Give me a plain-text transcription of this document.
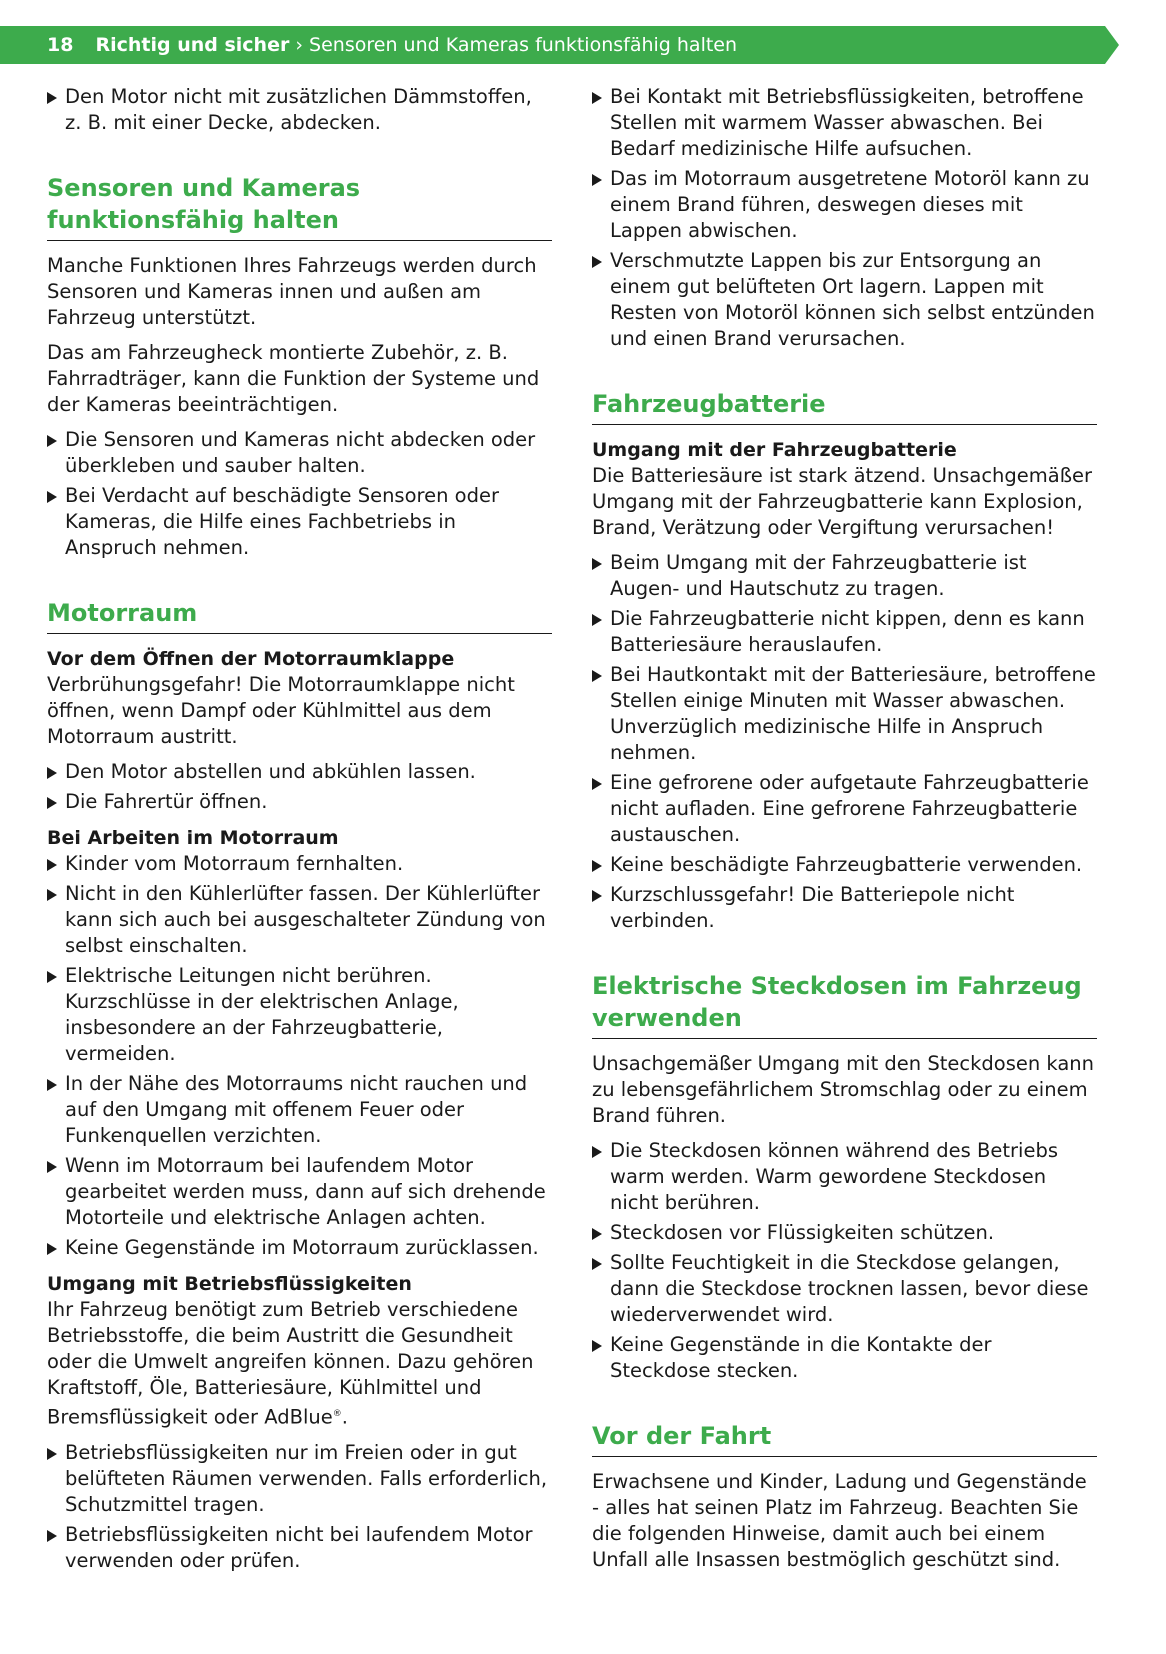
18 Richtig und sicher › Sensoren und Kameras funktionsfähig halten
Den Motor nicht mit zusätzlichen Dämmstoffen, z. B. mit einer Decke, abdecken.
Sensoren und Kameras funktionsfähig halten

Manche Funktionen Ihres Fahrzeugs werden durch Sensoren und Kameras innen und außen am Fahrzeug unterstützt.

Das am Fahrzeugheck montierte Zubehör, z. B. Fahrradträger, kann die Funktion der Systeme und der Kameras beeinträchtigen.

Die Sensoren und Kameras nicht abdecken oder überkleben und sauber halten.
Bei Verdacht auf beschädigte Sensoren oder Kameras, die Hilfe eines Fachbetriebs in Anspruch nehmen.
Motorraum
Vor dem Öffnen der Motorraumklappe

Verbrühungsgefahr! Die Motorraumklappe nicht öffnen, wenn Dampf oder Kühlmittel aus dem Motorraum austritt.

Den Motor abstellen und abkühlen lassen.
Die Fahrertür öffnen.
Bei Arbeiten im Motorraum
Kinder vom Motorraum fernhalten.
Nicht in den Kühlerlüfter fassen. Der Kühlerlüfter kann sich auch bei ausgeschalteter Zündung von selbst einschalten.
Elektrische Leitungen nicht berühren. Kurzschlüsse in der elektrischen Anlage, insbesondere an der Fahrzeugbatterie, vermeiden.
In der Nähe des Motorraums nicht rauchen und auf den Umgang mit offenem Feuer oder Funkenquellen verzichten.
Wenn im Motorraum bei laufendem Motor gearbeitet werden muss, dann auf sich drehende Motorteile und elektrische Anlagen achten.
Keine Gegenstände im Motorraum zurücklassen.
Umgang mit Betriebsflüssigkeiten

Ihr Fahrzeug benötigt zum Betrieb verschiedene Betriebsstoffe, die beim Austritt die Gesundheit oder die Umwelt angreifen können. Dazu gehören Kraftstoff, Öle, Batteriesäure, Kühlmittel und Bremsflüssigkeit oder AdBlue®.

Betriebsflüssigkeiten nur im Freien oder in gut belüfteten Räumen verwenden. Falls erforderlich, Schutzmittel tragen.
Betriebsflüssigkeiten nicht bei laufendem Motor verwenden oder prüfen.
Bei Kontakt mit Betriebsflüssigkeiten, betroffene Stellen mit warmem Wasser abwaschen. Bei Bedarf medizinische Hilfe aufsuchen.
Das im Motorraum ausgetretene Motoröl kann zu einem Brand führen, deswegen dieses mit Lappen abwischen.
Verschmutzte Lappen bis zur Entsorgung an einem gut belüfteten Ort lagern. Lappen mit Resten von Motoröl können sich selbst entzünden und einen Brand verursachen.
Fahrzeugbatterie
Umgang mit der Fahrzeugbatterie

Die Batteriesäure ist stark ätzend. Unsachgemäßer Umgang mit der Fahrzeugbatterie kann Explosion, Brand, Verätzung oder Vergiftung verursachen!

Beim Umgang mit der Fahrzeugbatterie ist Augen- und Hautschutz zu tragen.
Die Fahrzeugbatterie nicht kippen, denn es kann Batteriesäure herauslaufen.
Bei Hautkontakt mit der Batteriesäure, betroffene Stellen einige Minuten mit Wasser abwaschen. Unverzüglich medizinische Hilfe in Anspruch nehmen.
Eine gefrorene oder aufgetaute Fahrzeugbatterie nicht aufladen. Eine gefrorene Fahrzeugbatterie austauschen.
Keine beschädigte Fahrzeugbatterie verwenden.
Kurzschlussgefahr! Die Batteriepole nicht verbinden.
Elektrische Steckdosen im Fahrzeug verwenden

Unsachgemäßer Umgang mit den Steckdosen kann zu lebensgefährlichem Stromschlag oder zu einem Brand führen.

Die Steckdosen können während des Betriebs warm werden. Warm gewordene Steckdosen nicht berühren.
Steckdosen vor Flüssigkeiten schützen.
Sollte Feuchtigkeit in die Steckdose gelangen, dann die Steckdose trocknen lassen, bevor diese wiederverwendet wird.
Keine Gegenstände in die Kontakte der Steckdose stecken.
Vor der Fahrt

Erwachsene und Kinder, Ladung und Gegenstände - alles hat seinen Platz im Fahrzeug. Beachten Sie die folgenden Hinweise, damit auch bei einem Unfall alle Insassen bestmöglich geschützt sind.
